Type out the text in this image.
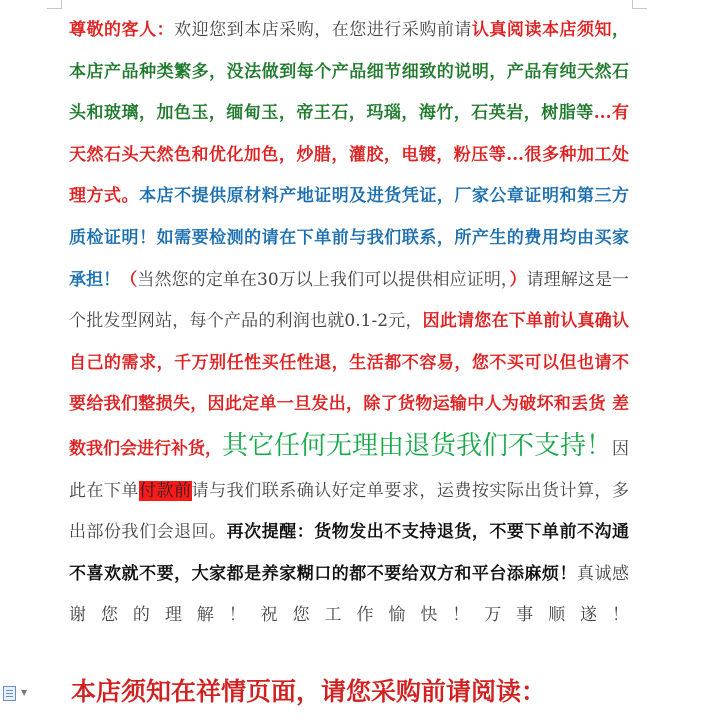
尊敬的客人：欢迎您到本店采购，在您进行采购前请认真阅读本店须知，本店产品种类繁多，没法做到每个产品细节细致的说明，产品有纯天然石头和玻璃，加色玉，缅甸玉，帝王石，玛瑙，海竹，石英岩，树脂等...有天然石头天然色和优化加色，炒腊，灌胶，电镀，粉压等...很多种加工处理方式。本店不提供原材料产地证明及进货凭证，厂家公章证明和第三方质检证明！如需要检测的请在下单前与我们联系，所产生的费用均由买家承担！（当然您的定单在30万以上我们可以提供相应证明，）请理解这是一个批发型网站，每个产品的利润也就0.1-2元，因此请您在下单前认真确认自己的需求，千万别任性买任性退，生活都不容易，您不买可以但也请不要给我们整损失，因此定单一旦发出，除了货物运输中人为破坏和丢货 差数我们会进行补货，其它任何无理由退货我们不支持！因此在下单付款前请与我们联系确认好定单要求，运费按实际出货计算，多出部份我们会退回。再次提醒：货物发出不支持退货，不要下单前不沟通不喜欢就不要，大家都是养家糊口的都不要给双方和平台添麻烦！真诚感谢您的理解！祝您工作愉快！万事顺遂！

本店须知在祥情页面，请您采购前请阅读：
▼
